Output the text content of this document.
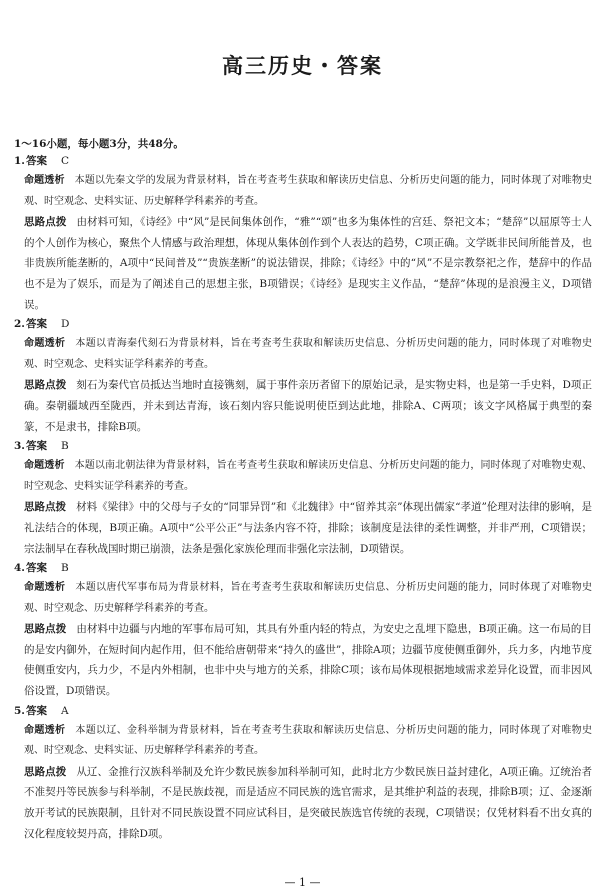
高三历史・答案
1～16小题，每小题3分，共48分。
1.答案 C
命题透析 本题以先秦文学的发展为背景材料，旨在考查考生获取和解读历史信息、分析历史问题的能力，同时体现了对唯物史观、时空观念、史料实证、历史解释学科素养的考查。
思路点拨 由材料可知，《诗经》中“风”是民间集体创作，“雅”“颂”也多为集体性的宫廷、祭祀文本；“楚辞”以屈原等士人的个人创作为核心，聚焦个人情感与政治理想，体现从集体创作到个人表达的趋势，C项正确。文学既非民间所能普及，也非贵族所能垄断的，A项中“民间普及”“贵族垄断”的说法错误，排除；《诗经》中的“风”不是宗教祭祀之作，楚辞中的作品也不是为了娱乐，而是为了阐述自己的思想主张，B项错误；《诗经》是现实主义作品，“楚辞”体现的是浪漫主义，D项错误。
2.答案 D
命题透析 本题以青海秦代刻石为背景材料，旨在考查考生获取和解读历史信息、分析历史问题的能力，同时体现了对唯物史观、时空观念、史料实证学科素养的考查。
思路点拨 刻石为秦代官员抵达当地时直接镌刻，属于事件亲历者留下的原始记录，是实物史料，也是第一手史料，D项正确。秦朝疆域西至陇西，并未到达青海，该石刻内容只能说明使臣到达此地，排除A、C两项；该文字风格属于典型的秦篆，不是隶书，排除B项。
3.答案 B
命题透析 本题以南北朝法律为背景材料，旨在考查考生获取和解读历史信息、分析历史问题的能力，同时体现了对唯物史观、时空观念、史料实证学科素养的考查。
思路点拨 材料《梁律》中的父母与子女的“同罪异罚”和《北魏律》中“留养其亲”体现出儒家“孝道”伦理对法律的影响，是礼法结合的体现，B项正确。A项中“公平公正”与法条内容不符，排除；该制度是法律的柔性调整，并非严刑，C项错误；宗法制早在春秋战国时期已崩溃，法条是强化家族伦理而非强化宗法制，D项错误。
4.答案 B
命题透析 本题以唐代军事布局为背景材料，旨在考查考生获取和解读历史信息、分析历史问题的能力，同时体现了对唯物史观、时空观念、历史解释学科素养的考查。
思路点拨 由材料中边疆与内地的军事布局可知，其具有外重内轻的特点，为安史之乱埋下隐患，B项正确。这一布局的目的是安内御外，在短时间内起作用，但不能给唐朝带来“持久的盛世”，排除A项；边疆节度使侧重御外，兵力多，内地节度使侧重安内，兵力少，不是内外相制，也非中央与地方的关系，排除C项；该布局体现根据地域需求差异化设置，而非因风俗设置，D项错误。
5.答案 A
命题透析 本题以辽、金科举制为背景材料，旨在考查考生获取和解读历史信息、分析历史问题的能力，同时体现了对唯物史观、时空观念、史料实证、历史解释学科素养的考查。
思路点拨 从辽、金推行汉族科举制及允许少数民族参加科举制可知，此时北方少数民族日益封建化，A项正确。辽统治者不准契丹等民族参与科举制，不是民族歧视，而是适应不同民族的选官需求，是其维护利益的表现，排除B项；辽、金逐渐放开考试的民族限制，且针对不同民族设置不同应试科目，是突破民族选官传统的表现，C项错误；仅凭材料看不出女真的汉化程度较契丹高，排除D项。
— 1 —
